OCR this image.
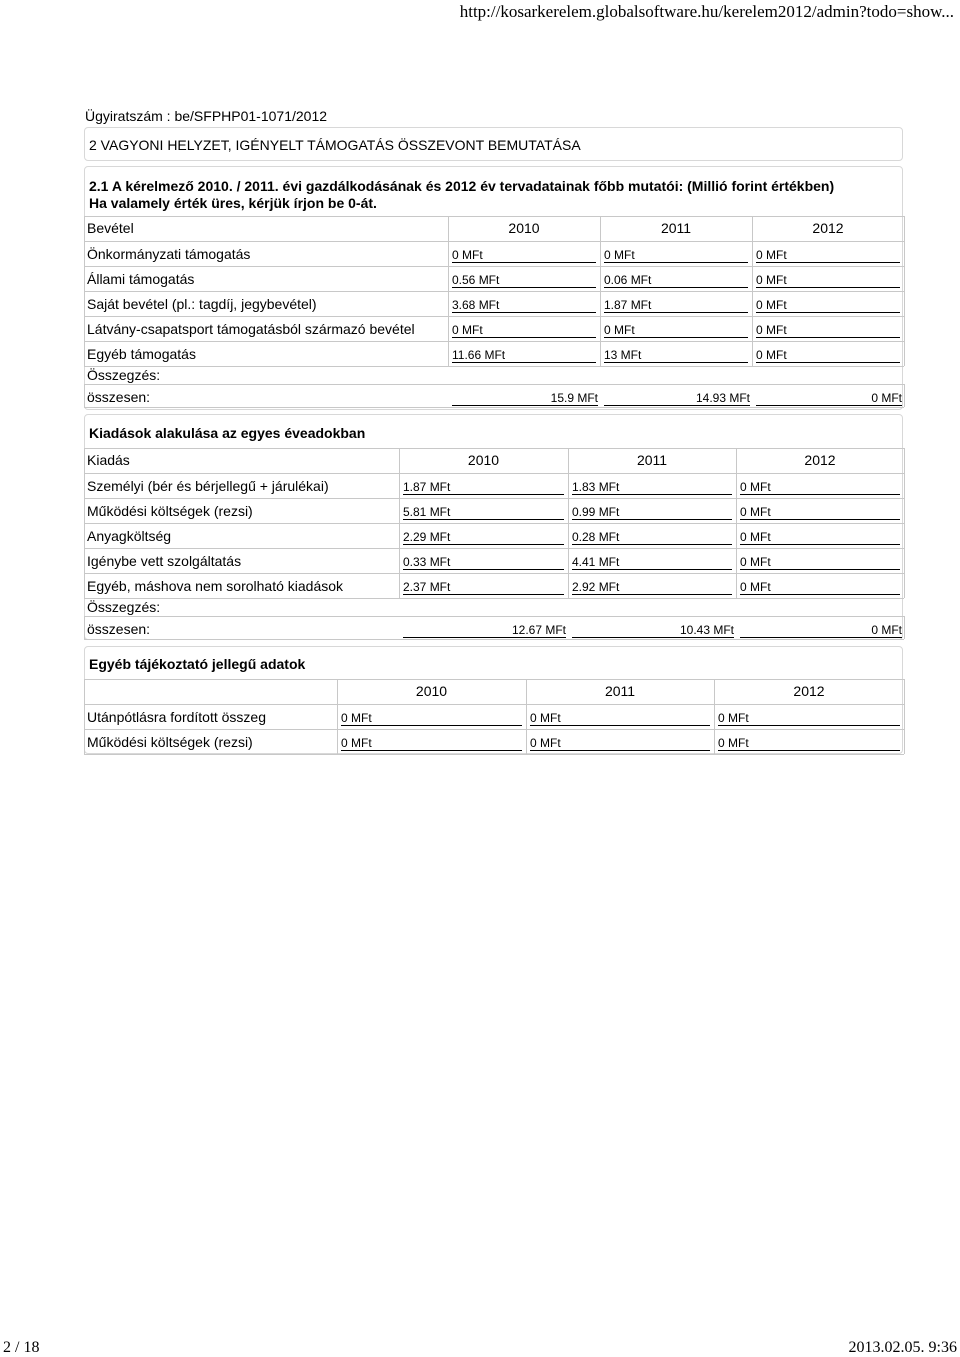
http://kosarkerelem.globalsoftware.hu/kerelem2012/admin?todo=show...
2 / 18	2013.02.05. 9:36
Ügyiratszám : be/SFPHP01-1071/2012
2 VAGYONI HELYZET, IGÉNYELT TÁMOGATÁS ÖSSZEVONT BEMUTATÁSA
2.1 A kérelmező 2010. / 2011. évi gazdálkodásának és 2012 év tervadatainak főbb mutatói: (Millió forint értékben)
Ha valamely érték üres, kérjük írjon be 0-át.
Kiadások alakulása az egyes éveadokban
Egyéb tájékoztató jellegű adatok
Bevétel	2010	2011	2012
Önkormányzati támogatás	0 MFt	0 MFt	0 MFt
Állami támogatás	0.56 MFt	0.06 MFt	0 MFt
Saját bevétel (pl.: tagdíj, jegybevétel)	3.68 MFt	1.87 MFt	0 MFt
Látvány-csapatsport támogatásból származó bevétel	0 MFt	0 MFt	0 MFt
Egyéb támogatás	11.66 MFt	13 MFt	0 MFt
Összegzés:
összesen:	15.9 MFt	14.93 MFt	0 MFt
Kiadás	2010	2011	2012
Személyi (bér és bérjellegű + járulékai)	1.87 MFt	1.83 MFt	0 MFt
Működési költségek (rezsi)	5.81 MFt	0.99 MFt	0 MFt
Anyagköltség	2.29 MFt	0.28 MFt	0 MFt
Igénybe vett szolgáltatás	0.33 MFt	4.41 MFt	0 MFt
Egyéb, máshova nem sorolható kiadások	2.37 MFt	2.92 MFt	0 MFt
Összegzés:
összesen:	12.67 MFt	10.43 MFt	0 MFt
2010	2011	2012
Utánpótlásra fordított összeg	0 MFt	0 MFt	0 MFt
Működési költségek (rezsi)	0 MFt	0 MFt	0 MFt
